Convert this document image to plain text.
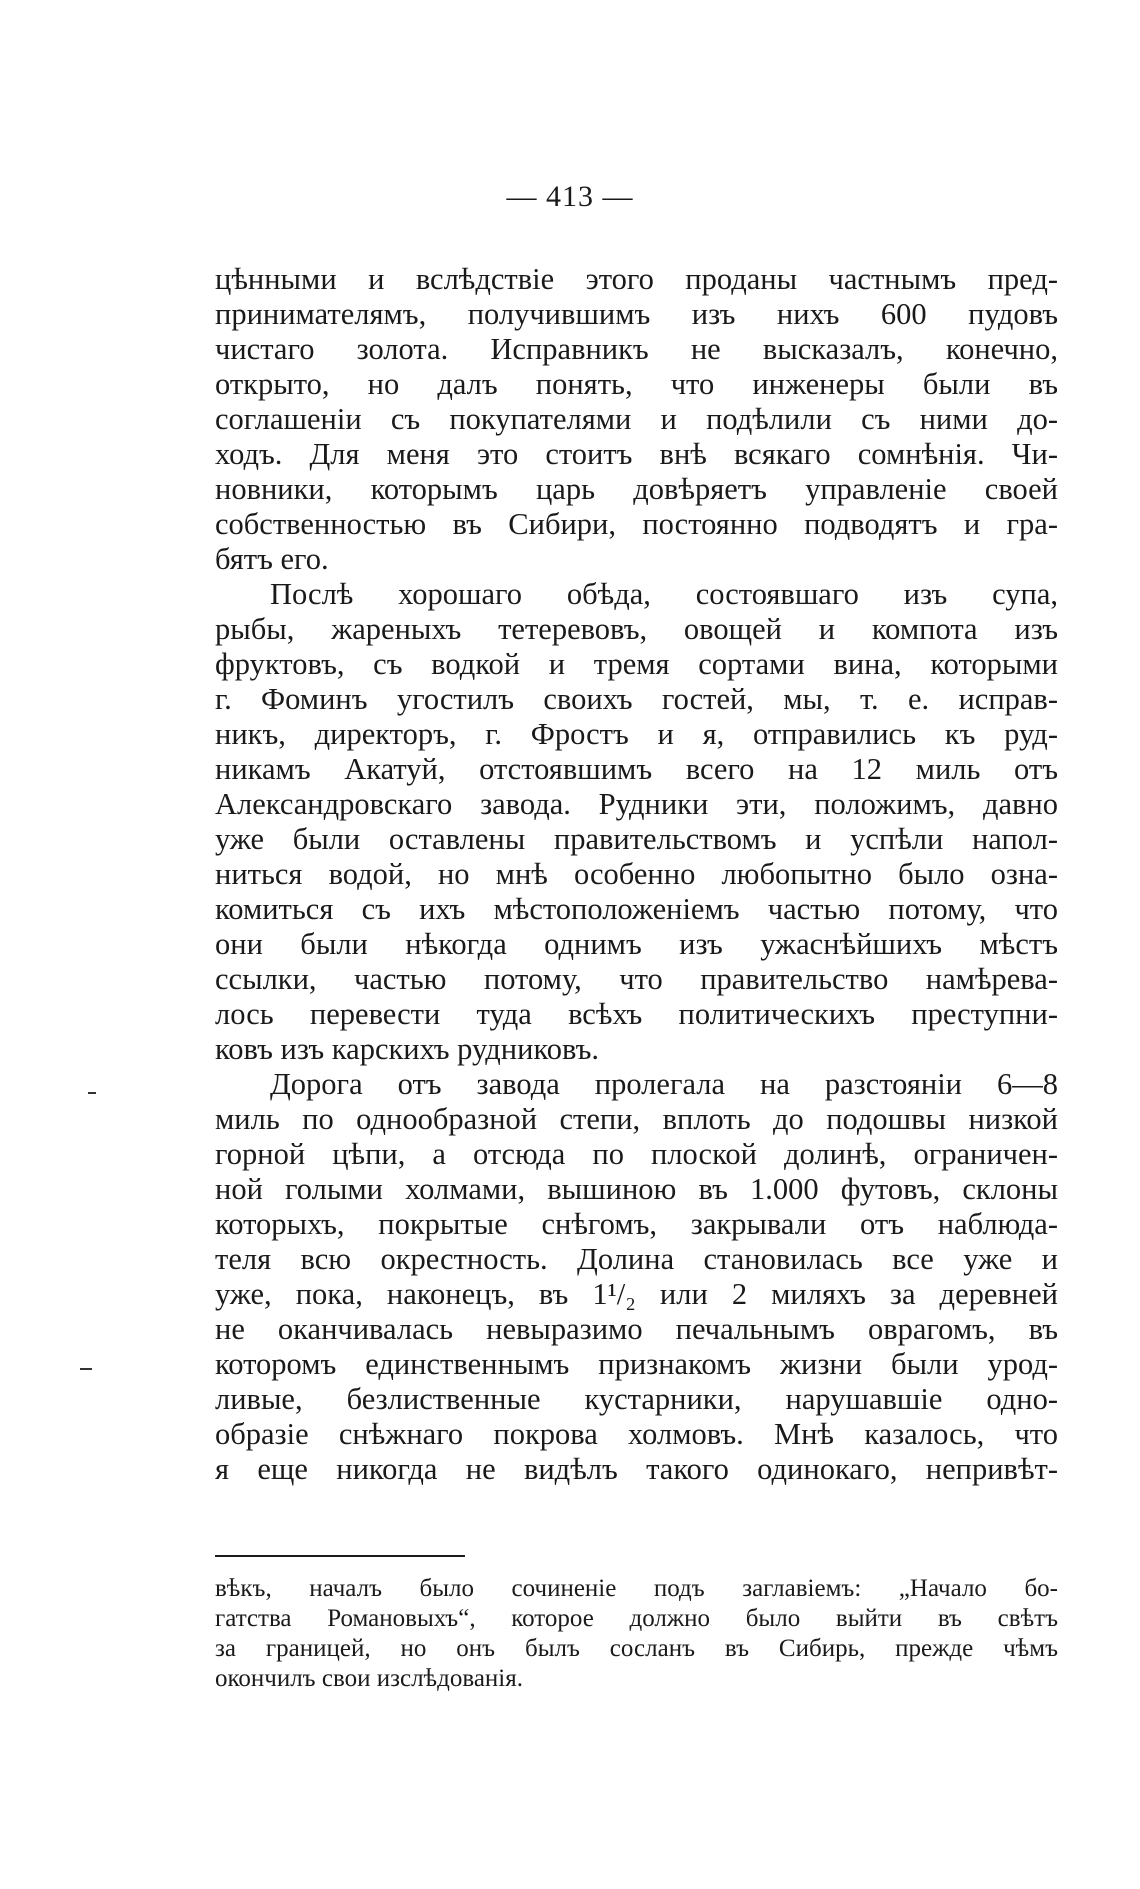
— 413 —
цѣнными и вслѣдствіе этого проданы частнымъ пред-
принимателямъ, получившимъ изъ нихъ 600 пудовъ
чистаго золота. Исправникъ не высказалъ, конечно,
открыто, но далъ понять, что инженеры были въ
соглашеніи съ покупателями и подѣлили съ ними до-
ходъ. Для меня это стоитъ внѣ всякаго сомнѣнія. Чи-
новники, которымъ царь довѣряетъ управленіе своей
собственностью въ Сибири, постоянно подводятъ и гра-
бятъ его.
Послѣ хорошаго обѣда, состоявшаго изъ супа,
рыбы, жареныхъ тетеревовъ, овощей и компота изъ
фруктовъ, съ водкой и тремя сортами вина, которыми
г. Фоминъ угостилъ своихъ гостей, мы, т. е. исправ-
никъ, директоръ, г. Фростъ и я, отправились къ руд-
никамъ Акатуй, отстоявшимъ всего на 12 миль отъ
Александровскаго завода. Рудники эти, положимъ, давно
уже были оставлены правительствомъ и успѣли напол-
ниться водой, но мнѣ особенно любопытно было озна-
комиться съ ихъ мѣстоположеніемъ частью потому, что
они были нѣкогда однимъ изъ ужаснѣйшихъ мѣстъ
ссылки, частью потому, что правительство намѣрева-
лось перевести туда всѣхъ политическихъ преступни-
ковъ изъ карскихъ рудниковъ.
Дорога отъ завода пролегала на разстояніи 6—8
миль по однообразной степи, вплоть до подошвы низкой
горной цѣпи, а отсюда по плоской долинѣ, ограничен-
ной голыми холмами, вышиною въ 1.000 футовъ, склоны
которыхъ, покрытые снѣгомъ, закрывали отъ наблюда-
теля всю окрестность. Долина становилась все уже и
уже, пока, наконецъ, въ 1¹/₂ или 2 миляхъ за деревней
не оканчивалась невыразимо печальнымъ оврагомъ, въ
которомъ единственнымъ признакомъ жизни были урод-
ливые, безлиственные кустарники, нарушавшіе одно-
образіе снѣжнаго покрова холмовъ. Мнѣ казалось, что
я еще никогда не видѣлъ такого одинокаго, непривѣт-
вѣкъ, началъ было сочиненіе подъ заглавіемъ: „Начало бо-
гатства Романовыхъ“, которое должно было выйти въ свѣтъ
за границей, но онъ былъ сосланъ въ Сибирь, прежде чѣмъ
окончилъ свои изслѣдованія.
